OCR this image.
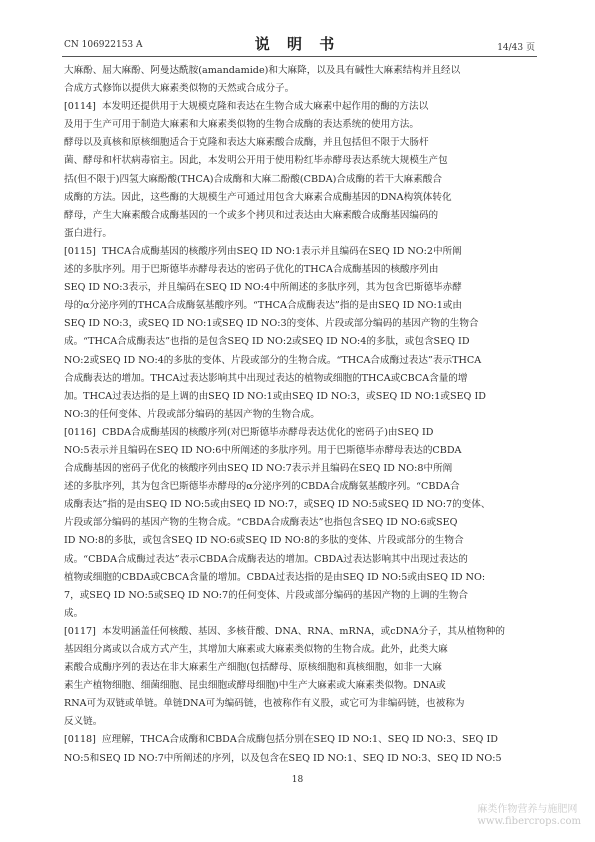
CN 106922153 A	说 明 书	14/43 页
大麻酚、屈大麻酚、阿曼达酰胺(amandamide)和大麻降，以及具有碱性大麻素结构并且经以
合成方式修饰以提供大麻素类似物的天然或合成分子。
[0114] 本发明还提供用于大规模克隆和表达在生物合成大麻素中起作用的酶的方法以
及用于生产可用于制造大麻素和大麻素类似物的生物合成酶的表达系统的使用方法。
酵母以及真核和原核细胞适合于克隆和表达大麻素酸合成酶，并且包括但不限于大肠杆
菌、酵母和杆状病毒宿主。因此，本发明公开用于使用粉红毕赤酵母表达系统大规模生产包
括(但不限于)四氢大麻酚酸(THCA)合成酶和大麻二酚酸(CBDA)合成酶的若干大麻素酸合
成酶的方法。因此，这些酶的大规模生产可通过用包含大麻素合成酶基因的DNA构筑体转化
酵母，产生大麻素酸合成酶基因的一个或多个拷贝和过表达由大麻素酸合成酶基因编码的
蛋白进行。
[0115] THCA合成酶基因的核酸序列由SEQ ID NO:1表示并且编码在SEQ ID NO:2中所阐
述的多肽序列。用于巴斯德毕赤酵母表达的密码子优化的THCA合成酶基因的核酸序列由
SEQ ID NO:3表示，并且编码在SEQ ID NO:4中所阐述的多肽序列，其为包含巴斯德毕赤酵
母的α分泌序列的THCA合成酶氨基酸序列。“THCA合成酶表达”指的是由SEQ ID NO:1或由
SEQ ID NO:3，或SEQ ID NO:1或SEQ ID NO:3的变体、片段或部分编码的基因产物的生物合
成。“THCA合成酶表达”也指的是包含SEQ ID NO:2或SEQ ID NO:4的多肽，或包含SEQ ID
NO:2或SEQ ID NO:4的多肽的变体、片段或部分的生物合成。“THCA合成酶过表达”表示THCA
合成酶表达的增加。THCA过表达影响其中出现过表达的植物或细胞的THCA或CBCA含量的增
加。THCA过表达指的是上调的由SEQ ID NO:1或由SEQ ID NO:3，或SEQ ID NO:1或SEQ ID
NO:3的任何变体、片段或部分编码的基因产物的生物合成。
[0116] CBDA合成酶基因的核酸序列(对巴斯德毕赤酵母表达优化的密码子)由SEQ ID
NO:5表示并且编码在SEQ ID NO:6中所阐述的多肽序列。用于巴斯德毕赤酵母表达的CBDA
合成酶基因的密码子优化的核酸序列由SEQ ID NO:7表示并且编码在SEQ ID NO:8中所阐
述的多肽序列，其为包含巴斯德毕赤酵母的α分泌序列的CBDA合成酶氨基酸序列。“CBDA合
成酶表达”指的是由SEQ ID NO:5或由SEQ ID NO:7，或SEQ ID NO:5或SEQ ID NO:7的变体、
片段或部分编码的基因产物的生物合成。“CBDA合成酶表达”也指包含SEQ ID NO:6或SEQ
ID NO:8的多肽，或包含SEQ ID NO:6或SEQ ID NO:8的多肽的变体、片段或部分的生物合
成。“CBDA合成酶过表达”表示CBDA合成酶表达的增加。CBDA过表达影响其中出现过表达的
植物或细胞的CBDA或CBCA含量的增加。CBDA过表达指的是由SEQ ID NO:5或由SEQ ID NO:
7，或SEQ ID NO:5或SEQ ID NO:7的任何变体、片段或部分编码的基因产物的上调的生物合
成。
[0117] 本发明涵盖任何核酸、基因、多核苷酸、DNA、RNA、mRNA，或cDNA分子，其从植物种的
基因组分离或以合成方式产生，其增加大麻素或大麻素类似物的生物合成。此外，此类大麻
素酸合成酶序列的表达在非大麻素生产细胞(包括酵母、原核细胞和真核细胞，如非一大麻
素生产植物细胞、细菌细胞、昆虫细胞或酵母细胞)中生产大麻素或大麻素类似物。DNA或
RNA可为双链或单链。单链DNA可为编码链，也被称作有义股，或它可为非编码链，也被称为
反义链。
[0118] 应理解，THCA合成酶和CBDA合成酶包括分别在SEQ ID NO:1、SEQ ID NO:3、SEQ ID
NO:5和SEQ ID NO:7中所阐述的序列，以及包含在SEQ ID NO:1、SEQ ID NO:3、SEQ ID NO:5
18
麻类作物营养与施肥网
www.fibercrops.com
